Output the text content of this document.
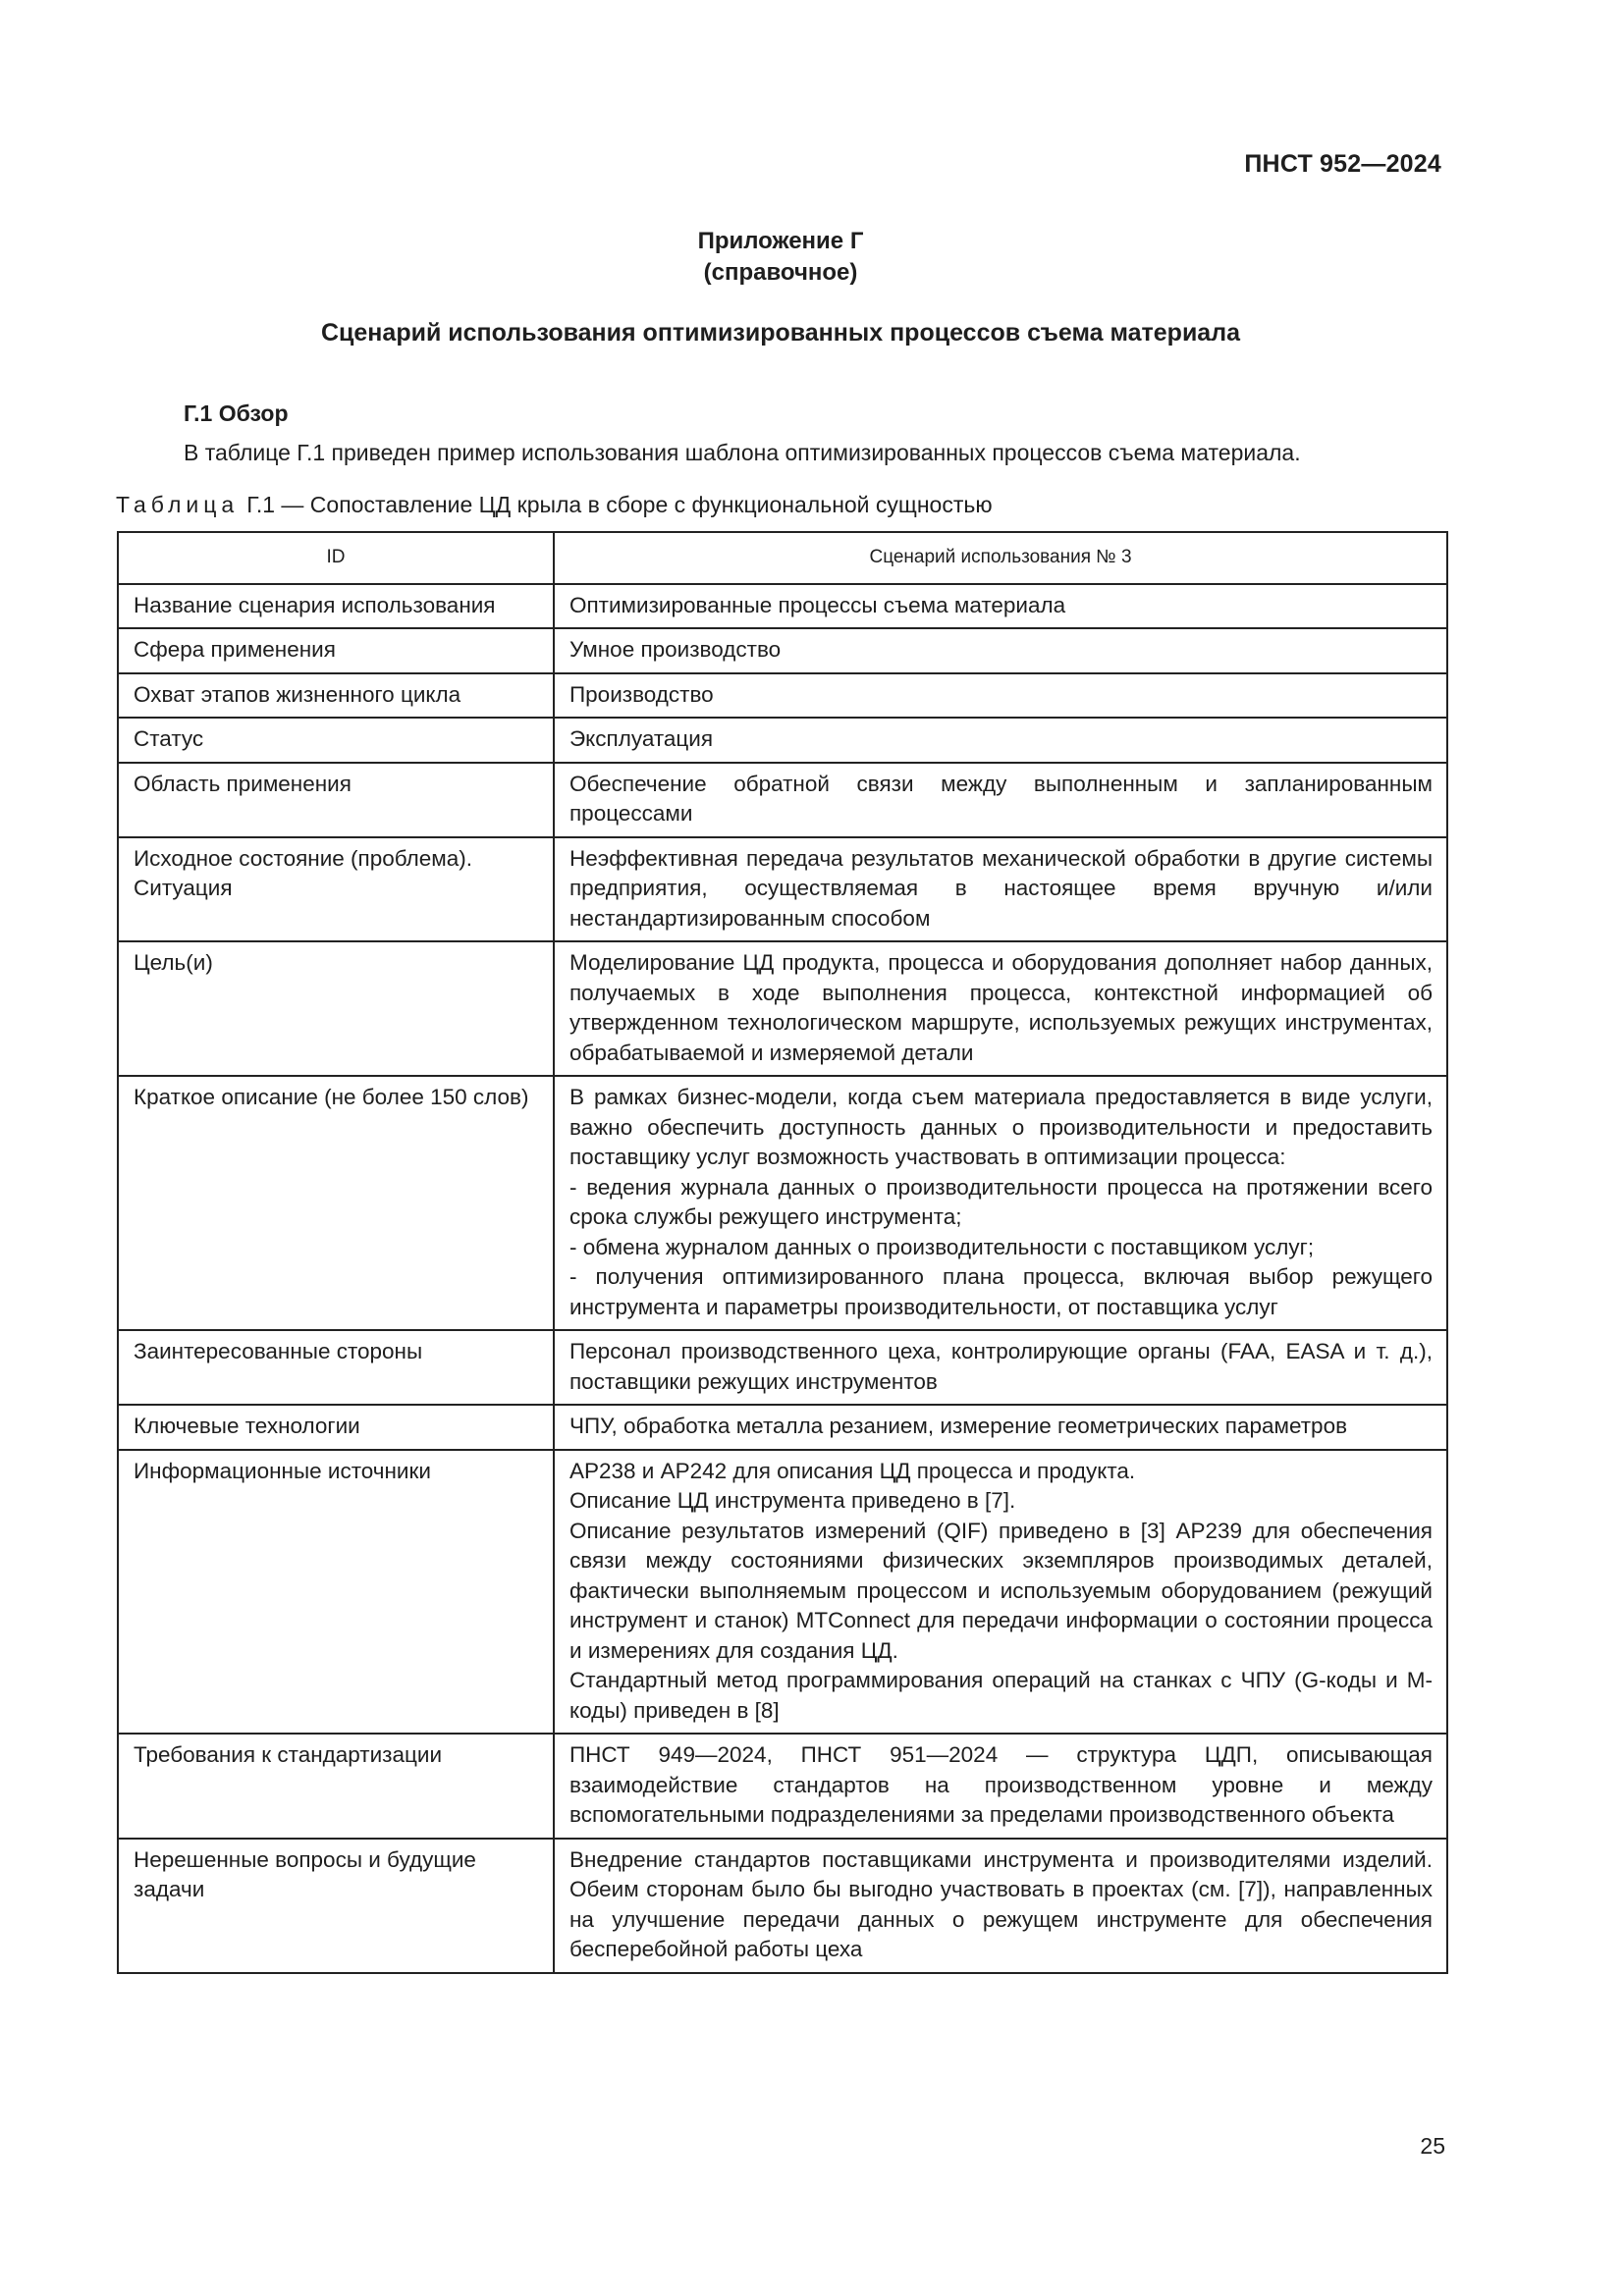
ПНСТ 952—2024
Приложение Г
(справочное)
Сценарий использования оптимизированных процессов съема материала
Г.1 Обзор
В таблице Г.1 приведен пример использования шаблона оптимизированных процессов съема материала.
Таблица Г.1 — Сопоставление ЦД крыла в сборе с функциональной сущностью
ID	Сценарий использования № 3
Название сценария использования	Оптимизированные процессы съема материала

Сфера применения	Умное производство

Охват этапов жизненного цикла	Производство

Статус	Эксплуатация

Область применения	Обеспечение обратной связи между выполненным и запланированным процессами

Исходное состояние (проблема). Ситуация	Неэффективная передача результатов механической обработки в другие системы предприятия, осуществляемая в настоящее время вручную и/или нестандартизированным способом

Цель(и)	Моделирование ЦД продукта, процесса и оборудования дополняет набор данных, получаемых в ходе выполнения процесса, контекстной информацией об утвержденном технологическом маршруте, используемых режущих инструментах, обрабатываемой и измеряемой детали

Краткое описание (не более 150 слов)	В рамках бизнес-модели, когда съем материала предоставляется в виде услуги, важно обеспечить доступность данных о производительности и предоставить поставщику услуг возможность участвовать в оптимизации процесса:
- ведения журнала данных о производительности процесса на протяжении всего срока службы режущего инструмента;
- обмена журналом данных о производительности с поставщиком услуг;
- получения оптимизированного плана процесса, включая выбор режущего инструмента и параметры производительности, от поставщика услуг

Заинтересованные стороны	Персонал производственного цеха, контролирующие органы (FAA, EASA и т. д.), поставщики режущих инструментов

Ключевые технологии	ЧПУ, обработка металла резанием, измерение геометрических параметров

Информационные источники	AP238 и AP242 для описания ЦД процесса и продукта.
Описание ЦД инструмента приведено в [7].
Описание результатов измерений (QIF) приведено в [3] AP239 для обеспечения связи между состояниями физических экземпляров производимых деталей, фактически выполняемым процессом и используемым оборудованием (режущий инструмент и станок) MTConnect для передачи информации о состоянии процесса и измерениях для создания ЦД.
Стандартный метод программирования операций на станках с ЧПУ (G-коды и M-коды) приведен в [8]

Требования к стандартизации	ПНСТ 949—2024, ПНСТ 951—2024 — структура ЦДП, описывающая взаимодействие стандартов на производственном уровне и между вспомогательными подразделениями за пределами производственного объекта

Нерешенные вопросы и будущие задачи	Внедрение стандартов поставщиками инструмента и производителями изделий. Обеим сторонам было бы выгодно участвовать в проектах (см. [7]), направленных на улучшение передачи данных о режущем инструменте для обеспечения бесперебойной работы цеха
25
